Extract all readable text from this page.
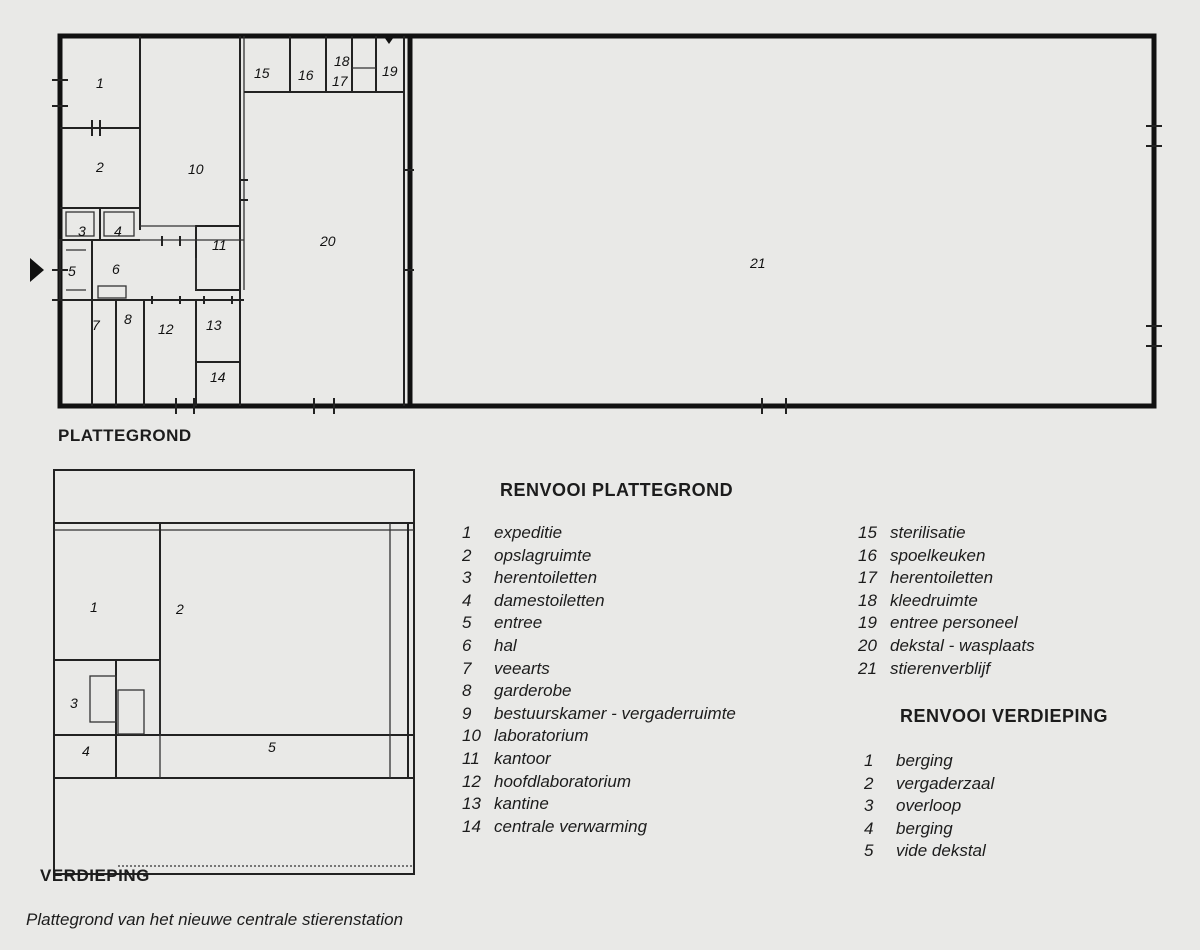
1
2
3 4
5	6
7 8
10
11
12 13
14
15 16
18
17
19
20
21
1	2
3
4	5
PLATTEGROND
VERDIEPING
RENVOOI PLATTEGROND
1	expeditie
2	opslagruimte
3	herentoiletten
4	damestoiletten
5	entree
6	hal
7	veearts
8	garderobe
9	bestuurskamer - vergaderruimte
10 laboratorium
11 kantoor
12 hoofdlaboratorium
13 kantine
14 centrale verwarming
15 sterilisatie
16 spoelkeuken
17 herentoiletten
18 kleedruimte
19 entree personeel
20 dekstal - wasplaats
21 stierenverblijf
RENVOOI VERDIEPING
1	berging
2	vergaderzaal
3	overloop
4	berging
5	vide dekstal
Plattegrond van het nieuwe centrale stierenstation
